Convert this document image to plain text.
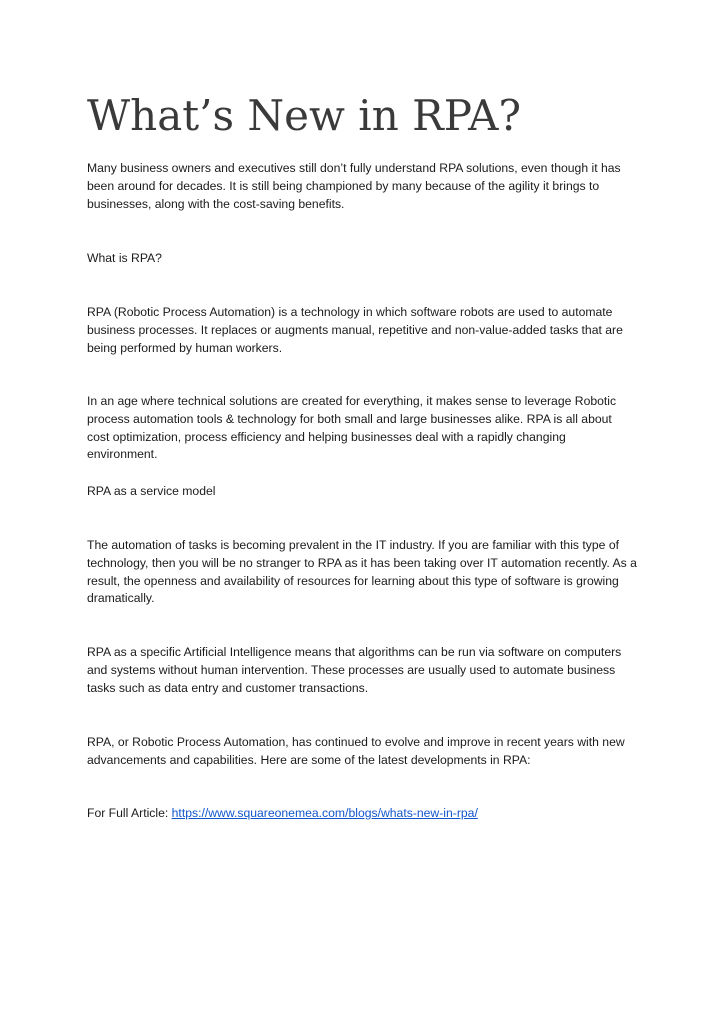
What’s New in RPA?

Many business owners and executives still don’t fully understand RPA solutions, even though it has been around for decades. It is still being championed by many because of the agility it brings to businesses, along with the cost-saving benefits.

What is RPA?

RPA (Robotic Process Automation) is a technology in which software robots are used to automate business processes. It replaces or augments manual, repetitive and non-value-added tasks that are being performed by human workers.

In an age where technical solutions are created for everything, it makes sense to leverage Robotic process automation tools & technology for both small and large businesses alike. RPA is all about cost optimization, process efficiency and helping businesses deal with a rapidly changing environment.

RPA as a service model

The automation of tasks is becoming prevalent in the IT industry. If you are familiar with this type of technology, then you will be no stranger to RPA as it has been taking over IT automation recently. As a result, the openness and availability of resources for learning about this type of software is growing dramatically.

RPA as a specific Artificial Intelligence means that algorithms can be run via software on computers and systems without human intervention. These processes are usually used to automate business tasks such as data entry and customer transactions.

RPA, or Robotic Process Automation, has continued to evolve and improve in recent years with new advancements and capabilities. Here are some of the latest developments in RPA:

For Full Article: https://www.squareonemea.com/blogs/whats-new-in-rpa/
